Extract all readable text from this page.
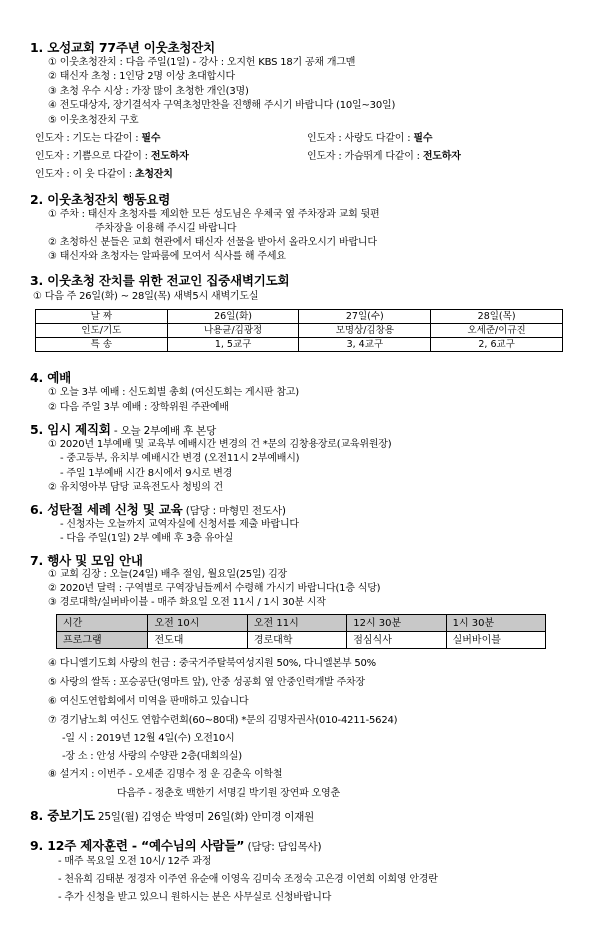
1. 오성교회 77주년 이웃초청잔치
① 이웃초청잔치 : 다음 주일(1일) - 강사 : 오지헌 KBS 18기 공채 개그맨
② 태신자 초청 : 1인당 2명 이상 초대합시다
③ 초청 우수 시상 : 가장 많이 초청한 개인(3명)
④ 전도대상자, 장기결석자 구역초청만찬을 진행해 주시기 바랍니다 (10일~30일)
⑤ 이웃초청잔치 구호
인도자 : 기도는 다같이 : 필수	인도자 : 사랑도 다같이 : 필수
인도자 : 기쁨으로 다같이 : 전도하자	인도자 : 가슴뛰게 다같이 : 전도하자
인도자 : 이 웃 다같이 : 초청잔치
2. 이웃초청잔치 행동요령
① 주차 : 태신자 초청자를 제외한 모든 성도님은 우체국 옆 주차장과 교회 뒷편
주차장을 이용해 주시길 바랍니다
② 초청하신 분들은 교회 현관에서 태신자 선물을 받아서 올라오시기 바랍니다
③ 태신자와 초청자는 알파룸에 모여서 식사를 해 주세요
3. 이웃초청 잔치를 위한 전교인 집중새벽기도회
① 다음 주 26일(화) ~ 28일(목) 새벽5시 새벽기도실
날 짜	26일(화)	27일(수)	28일(목)
인도/기도	나용균/김광정	모명상/김창용	오세준/이규진
특 송	1, 5교구	3, 4교구	2, 6교구
4. 예배
① 오늘 3부 예배 : 신도회별 총회 (여신도회는 게시판 참고)
② 다음 주일 3부 예배 : 장학위원 주관예배
5. 임시 제직회 - 오늘 2부예배 후 본당
① 2020년 1부예배 및 교육부 예배시간 변경의 건 *문의 김창용장로(교육위원장)
- 중고등부, 유치부 예배시간 변경 (오전11시 2부예배시)
- 주일 1부예배 시간 8시에서 9시로 변경
② 유치영아부 담당 교육전도사 청빙의 건
6. 성탄절 세례 신청 및 교육 (담당 : 마형민 전도사)
- 신청자는 오늘까지 교역자실에 신청서를 제출 바랍니다
- 다음 주일(1일) 2부 예배 후 3층 유아실
7. 행사 및 모임 안내
① 교회 김장 : 오늘(24일) 배추 절임, 월요일(25일) 김장
② 2020년 달력 : 구역별로 구역장님들께서 수령해 가시기 바랍니다(1층 식당)
③ 경로대학/실버바이블 - 매주 화요일 오전 11시 / 1시 30분 시작
시간	오전 10시	오전 11시	12시 30분	1시 30분
프로그램	전도대	경로대학	점심식사	실버바이블
④ 다니엘기도회 사랑의 헌금 : 중국거주탈북여성지원 50%, 다니엘본부 50%
⑤ 사랑의 쌀독 : 포승공단(영마트 앞), 안중 성공회 옆 안중인력개발 주차장
⑥ 여신도연합회에서 미역을 판매하고 있습니다
⑦ 경기남노회 여신도 연합수련회(60~80대) *문의 김명자권사(010-4211-5624)
-일 시 : 2019년 12월 4일(수) 오전10시
-장 소 : 안성 사랑의 수양관 2층(대회의실)
⑧ 설거지 : 이번주 - 오세준 김명수 정 운 김춘옥 이학철
다음주 - 정춘호 백한기 서명길 박기원 장연파 오영춘
8. 중보기도 25일(월) 김영순 박영미 26일(화) 안미경 이재원
9. 12주 제자훈련 - “예수님의 사람들” (담당: 담임목사)
- 매주 목요일 오전 10시/ 12주 과정
- 천유희 김태분 정경자 이주연 유순애 이영옥 김미숙 조정숙 고은경 이연희 이희영 안경란
- 추가 신청을 받고 있으니 원하시는 분은 사무실로 신청바랍니다
